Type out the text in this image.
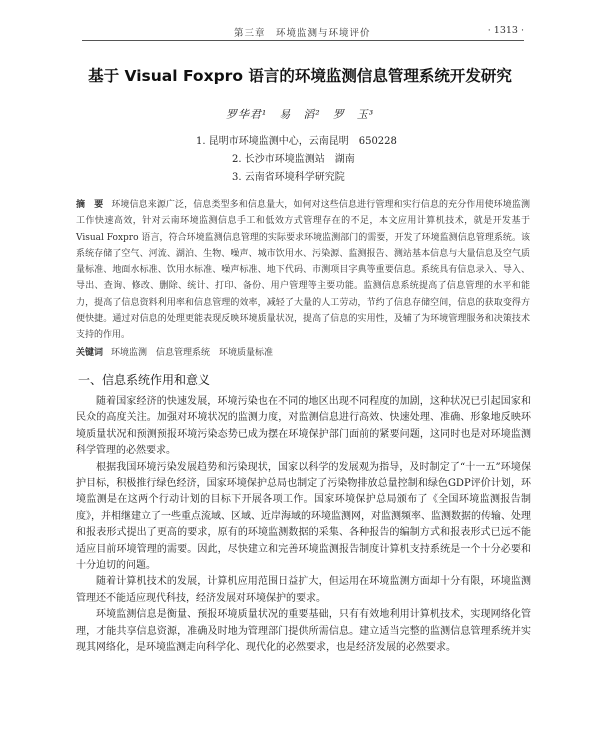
第三章　环境监测与环境评价	· 1313 ·
基于 Visual Foxpro 语言的环境监测信息管理系统开发研究
罗华君¹　易　滔²　罗　玉³
1. 昆明市环境监测中心，云南昆明　650228
2. 长沙市环境监测站　湖南
3. 云南省环境科学研究院
摘　要 环境信息来源广泛，信息类型多和信息量大，如何对这些信息进行管理和实行信息的充分作用使环境监测工作快速高效，针对云南环境监测信息手工和低效方式管理存在的不足，本文应用计算机技术，就是开发基于 Visual Foxpro 语言，符合环境监测信息管理的实际要求环境监测部门的需要，开发了环境监测信息管理系统。该系统存储了空气、河流、湖泊、生物、噪声、城市饮用水、污染源、监测报告、测站基本信息与大量信息及空气质量标准、地面水标准、饮用水标准、噪声标准、地下代码、市测项目字典等重要信息。系统具有信息录入、导入、导出、查询、修改、删除、统计、打印、备份、用户管理等主要功能。监测信息系统提高了信息管理的水平和能力，提高了信息资料利用率和信息管理的效率，减轻了大量的人工劳动，节约了信息存储空间，信息的获取变得方便快捷。通过对信息的处理更能表现反映环境质量状况，提高了信息的实用性，及辅了为环境管理服务和决策技术支持的作用。
关键词 环境监测　信息管理系统　环境质量标准
一、信息系统作用和意义

随着国家经济的快速发展，环境污染也在不同的地区出现不同程度的加剧，这种状况已引起国家和民众的高度关注。加强对环境状况的监测力度，对监测信息进行高效、快速处理、准确、形象地反映环境质量状况和预测预报环境污染态势已成为摆在环境保护部门面前的紧要问题，这同时也是对环境监测科学管理的必然要求。

根据我国环境污染发展趋势和污染现状，国家以科学的发展观为指导，及时制定了“十一五”环境保护目标，积极推行绿色经济，国家环境保护总局也制定了污染物排放总量控制和绿色GDP评价计划，环境监测是在这两个行动计划的目标下开展各项工作。国家环境保护总局颁布了《全国环境监测报告制度》，并相继建立了一些重点流域、区域、近岸海域的环境监测网，对监测频率、监测数据的传输、处理和报表形式提出了更高的要求，原有的环境监测数据的采集、各种报告的编制方式和报表形式已远不能适应目前环境管理的需要。因此，尽快建立和完善环境监测报告制度计算机支持系统是一个十分必要和十分迫切的问题。

随着计算机技术的发展，计算机应用范围日益扩大，但运用在环境监测方面却十分有限，环境监测管理还不能适应现代科技，经济发展对环境保护的要求。

环境监测信息是衡量、预报环境质量状况的重要基础，只有有效地利用计算机技术，实现网络化管理，才能共享信息资源，准确及时地为管理部门提供所需信息。建立适当完整的监测信息管理系统并实现其网络化，是环境监测走向科学化、现代化的必然要求，也是经济发展的必然要求。
